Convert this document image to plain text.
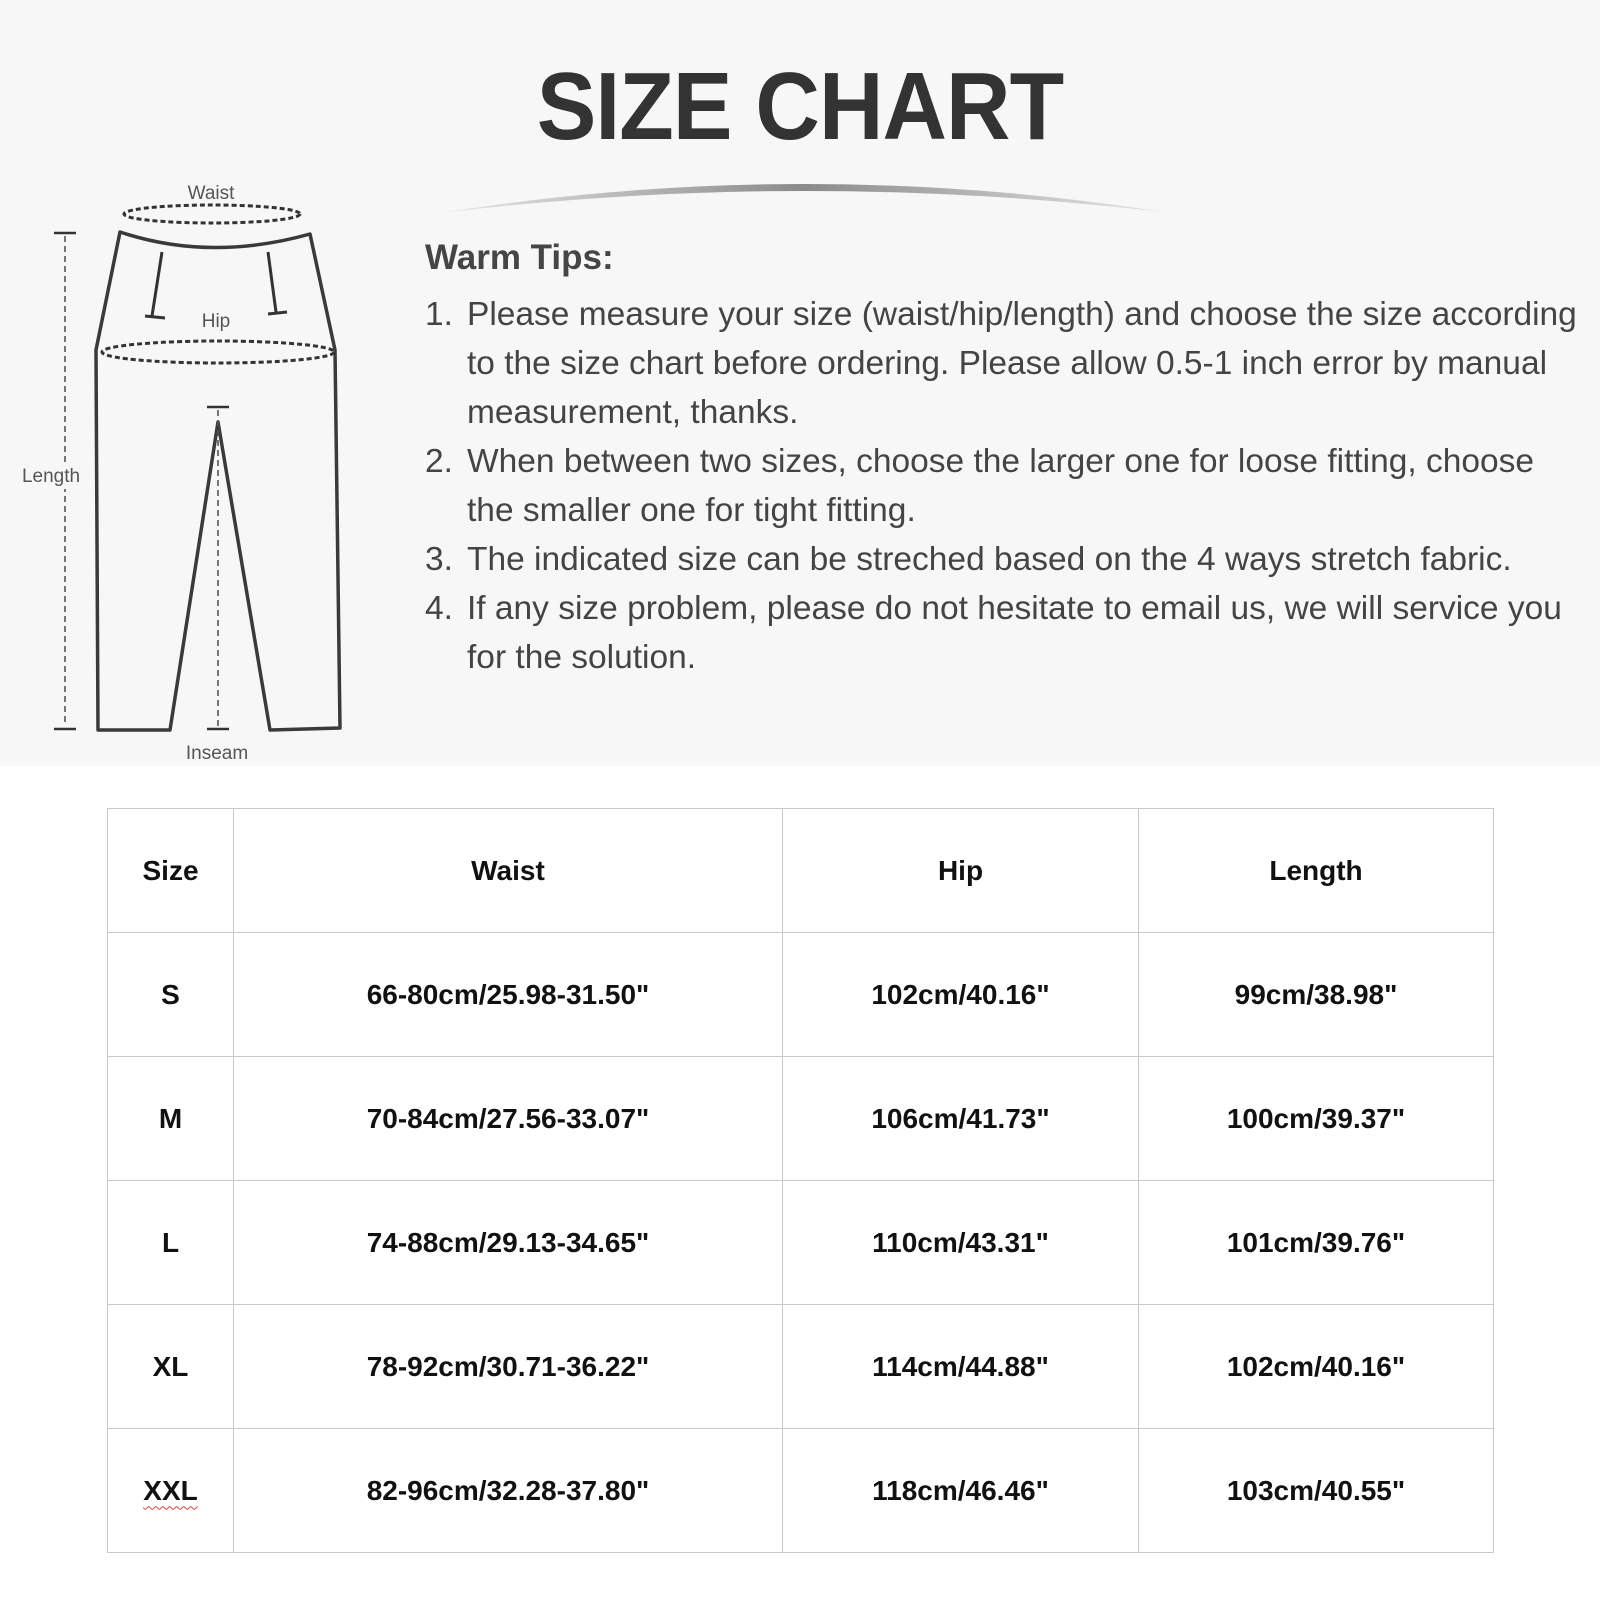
SIZE CHART
Waist
Hip
Length
Inseam
Warm Tips:
1. Please measure your size (waist/hip/length) and choose the size according to the size chart before ordering. Please allow 0.5-1 inch error by manual measurement, thanks.
2. When between two sizes, choose the larger one for loose fitting, choose the smaller one for tight fitting.
3. The indicated size can be streched based on the 4 ways stretch fabric.
4. If any size problem, please do not hesitate to email us, we will service you for the solution.
Size	Waist	Hip	Length
S	66-80cm/25.98-31.50"	102cm/40.16"	99cm/38.98"
M	70-84cm/27.56-33.07"	106cm/41.73"	100cm/39.37"
L	74-88cm/29.13-34.65"	110cm/43.31"	101cm/39.76"
XL	78-92cm/30.71-36.22"	114cm/44.88"	102cm/40.16"
XXL	82-96cm/32.28-37.80"	118cm/46.46"	103cm/40.55"
